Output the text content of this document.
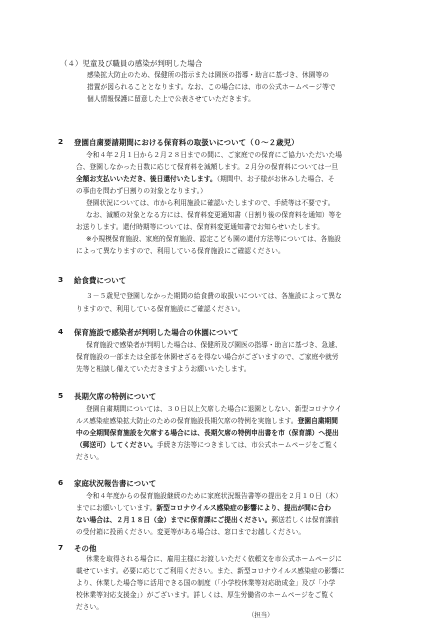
（４）児童及び職員の感染が判明した場合
感染拡大防止のため、保健所の指示または園医の指導・助言に基づき、休園等の
措置が図られることとなります。なお、この場合には、市の公式ホームページ等で
個人情報保護に留意した上で公表させていただきます。
2 登園自粛要請期間における保育料の取扱いについて（０～２歳児）
令和４年２月１日から２月２８日までの間に、ご家庭での保育にご協力いただいた場
合、登園しなかった日数に応じて保育料を減額します。２月分の保育料については一旦
全額お支払いいただき、後日還付いたします。（期間中、お子様がお休みした場合、そ
の事由を問わず日割りの対象となります。）
登園状況については、市から利用施設に確認いたしますので、手続等は不要です。
なお、減額の対象となる方には、保育料変更通知書（日割り後の保育料を通知）等を
お送りします。還付時期等については、保育料変更通知書でお知らせいたします。
※小規模保育施設、家庭的保育施設、認定こども園の還付方法等については、各施設
によって異なりますので、利用している保育施設にご確認ください。
3 給食費について
３－５歳児で登園しなかった期間の給食費の取扱いについては、各施設によって異な
りますので、利用している保育施設にご確認ください。
4 保育施設で感染者が判明した場合の休園について
保育施設で感染者が判明した場合は、保健所及び園医の指導・助言に基づき、急遽、
保育施設の一部または全部を休園せざるを得ない場合がございますので、ご家庭や就労
先等と相談し備えていただきますようお願いいたします。
5 長期欠席の特例について
登園自粛期間については、３０日以上欠席した場合に退園としない、新型コロナウイ
ルス感染症感染拡大防止のための保育施設長期欠席の特例を実施します。登園自粛期間
中の全期間保育施設を欠席する場合には、長期欠席の特例申出書を市（保育課）へ提出
（郵送可）してください。手続き方法等につきましては、市公式ホームページをご覧く
ださい。
6 家庭状況報告書について
令和４年度からの保育施設継続のために家庭状況報告書等の提出を２月１０日（木）
までにお願いしています。新型コロナウイルス感染症の影響により、提出が間に合わ
ない場合は、２月１８日（金）までに保育課にご提出ください。郵送若しくは保育課前
の受付箱に投函ください。変更等がある場合は、窓口までお越しください。
7 その他
休業を取得される場合に、雇用主様にお渡しいただく依頼文を市公式ホームページに
載せています。必要に応じてご利用ください。また、新型コロナウイルス感染症の影響に
より、休業した場合等に活用できる国の制度（「小学校休業等対応助成金」及び「小学
校休業等対応支援金」）がございます。詳しくは、厚生労働省のホームページをご覧く
ださい。
（担当）
